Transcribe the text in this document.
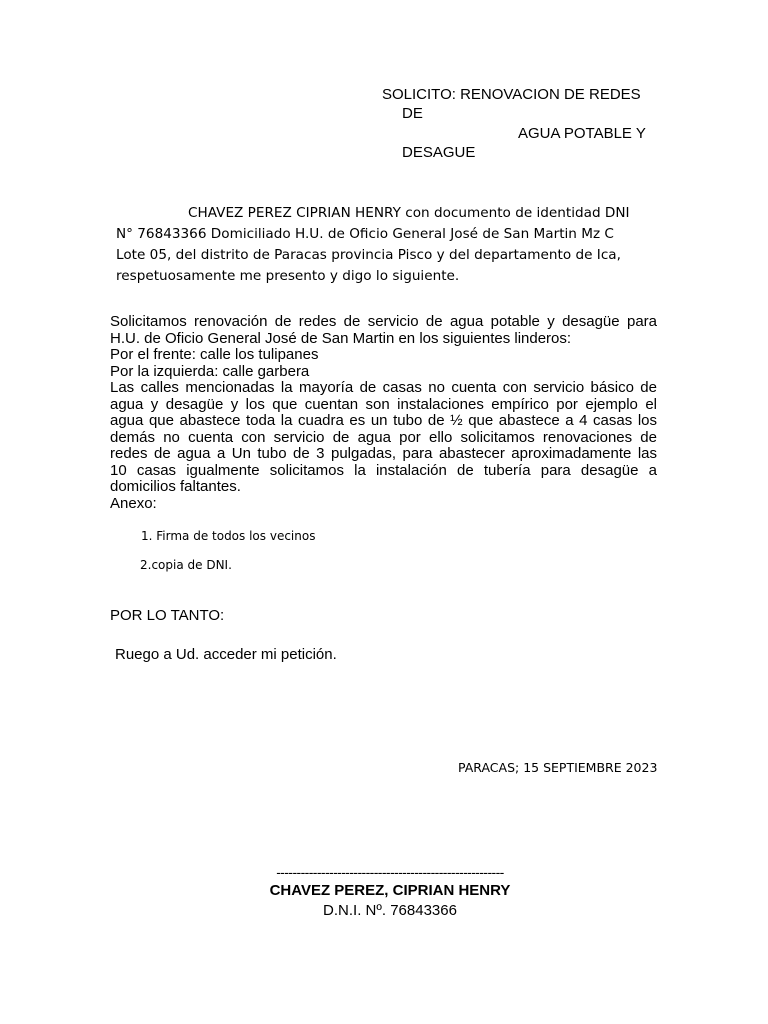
SOLICITO: RENOVACION DE REDES
DE
AGUA POTABLE Y
DESAGUE
CHAVEZ PEREZ CIPRIAN HENRY con documento de identidad DNI
N° 76843366 Domiciliado H.U. de Oficio General José de San Martin Mz C
Lote 05, del distrito de Paracas provincia Pisco y del departamento de Ica,
respetuosamente me presento y digo lo siguiente.
Solicitamos renovación de redes de servicio de agua potable y desagüe para
H.U. de Oficio General José de San Martin en los siguientes linderos:
Por el frente: calle los tulipanes
Por la izquierda: calle garbera
Las calles mencionadas la mayoría de casas no cuenta con servicio básico de
agua y desagüe y los que cuentan son instalaciones empírico por ejemplo el
agua que abastece toda la cuadra es un tubo de ½ que abastece a 4 casas los
demás no cuenta con servicio de agua por ello solicitamos renovaciones de
redes de agua a Un tubo de 3 pulgadas, para abastecer aproximadamente las
10 casas igualmente solicitamos la instalación de tubería para desagüe a
domicilios faltantes.
Anexo:
1. Firma de todos los vecinos
2.copia de DNI.
POR LO TANTO:
Ruego a Ud. acceder mi petición.
PARACAS; 15 SEPTIEMBRE 2023
--------------------------------------------------------
CHAVEZ PEREZ, CIPRIAN HENRY
D.N.I. Nº. 76843366
